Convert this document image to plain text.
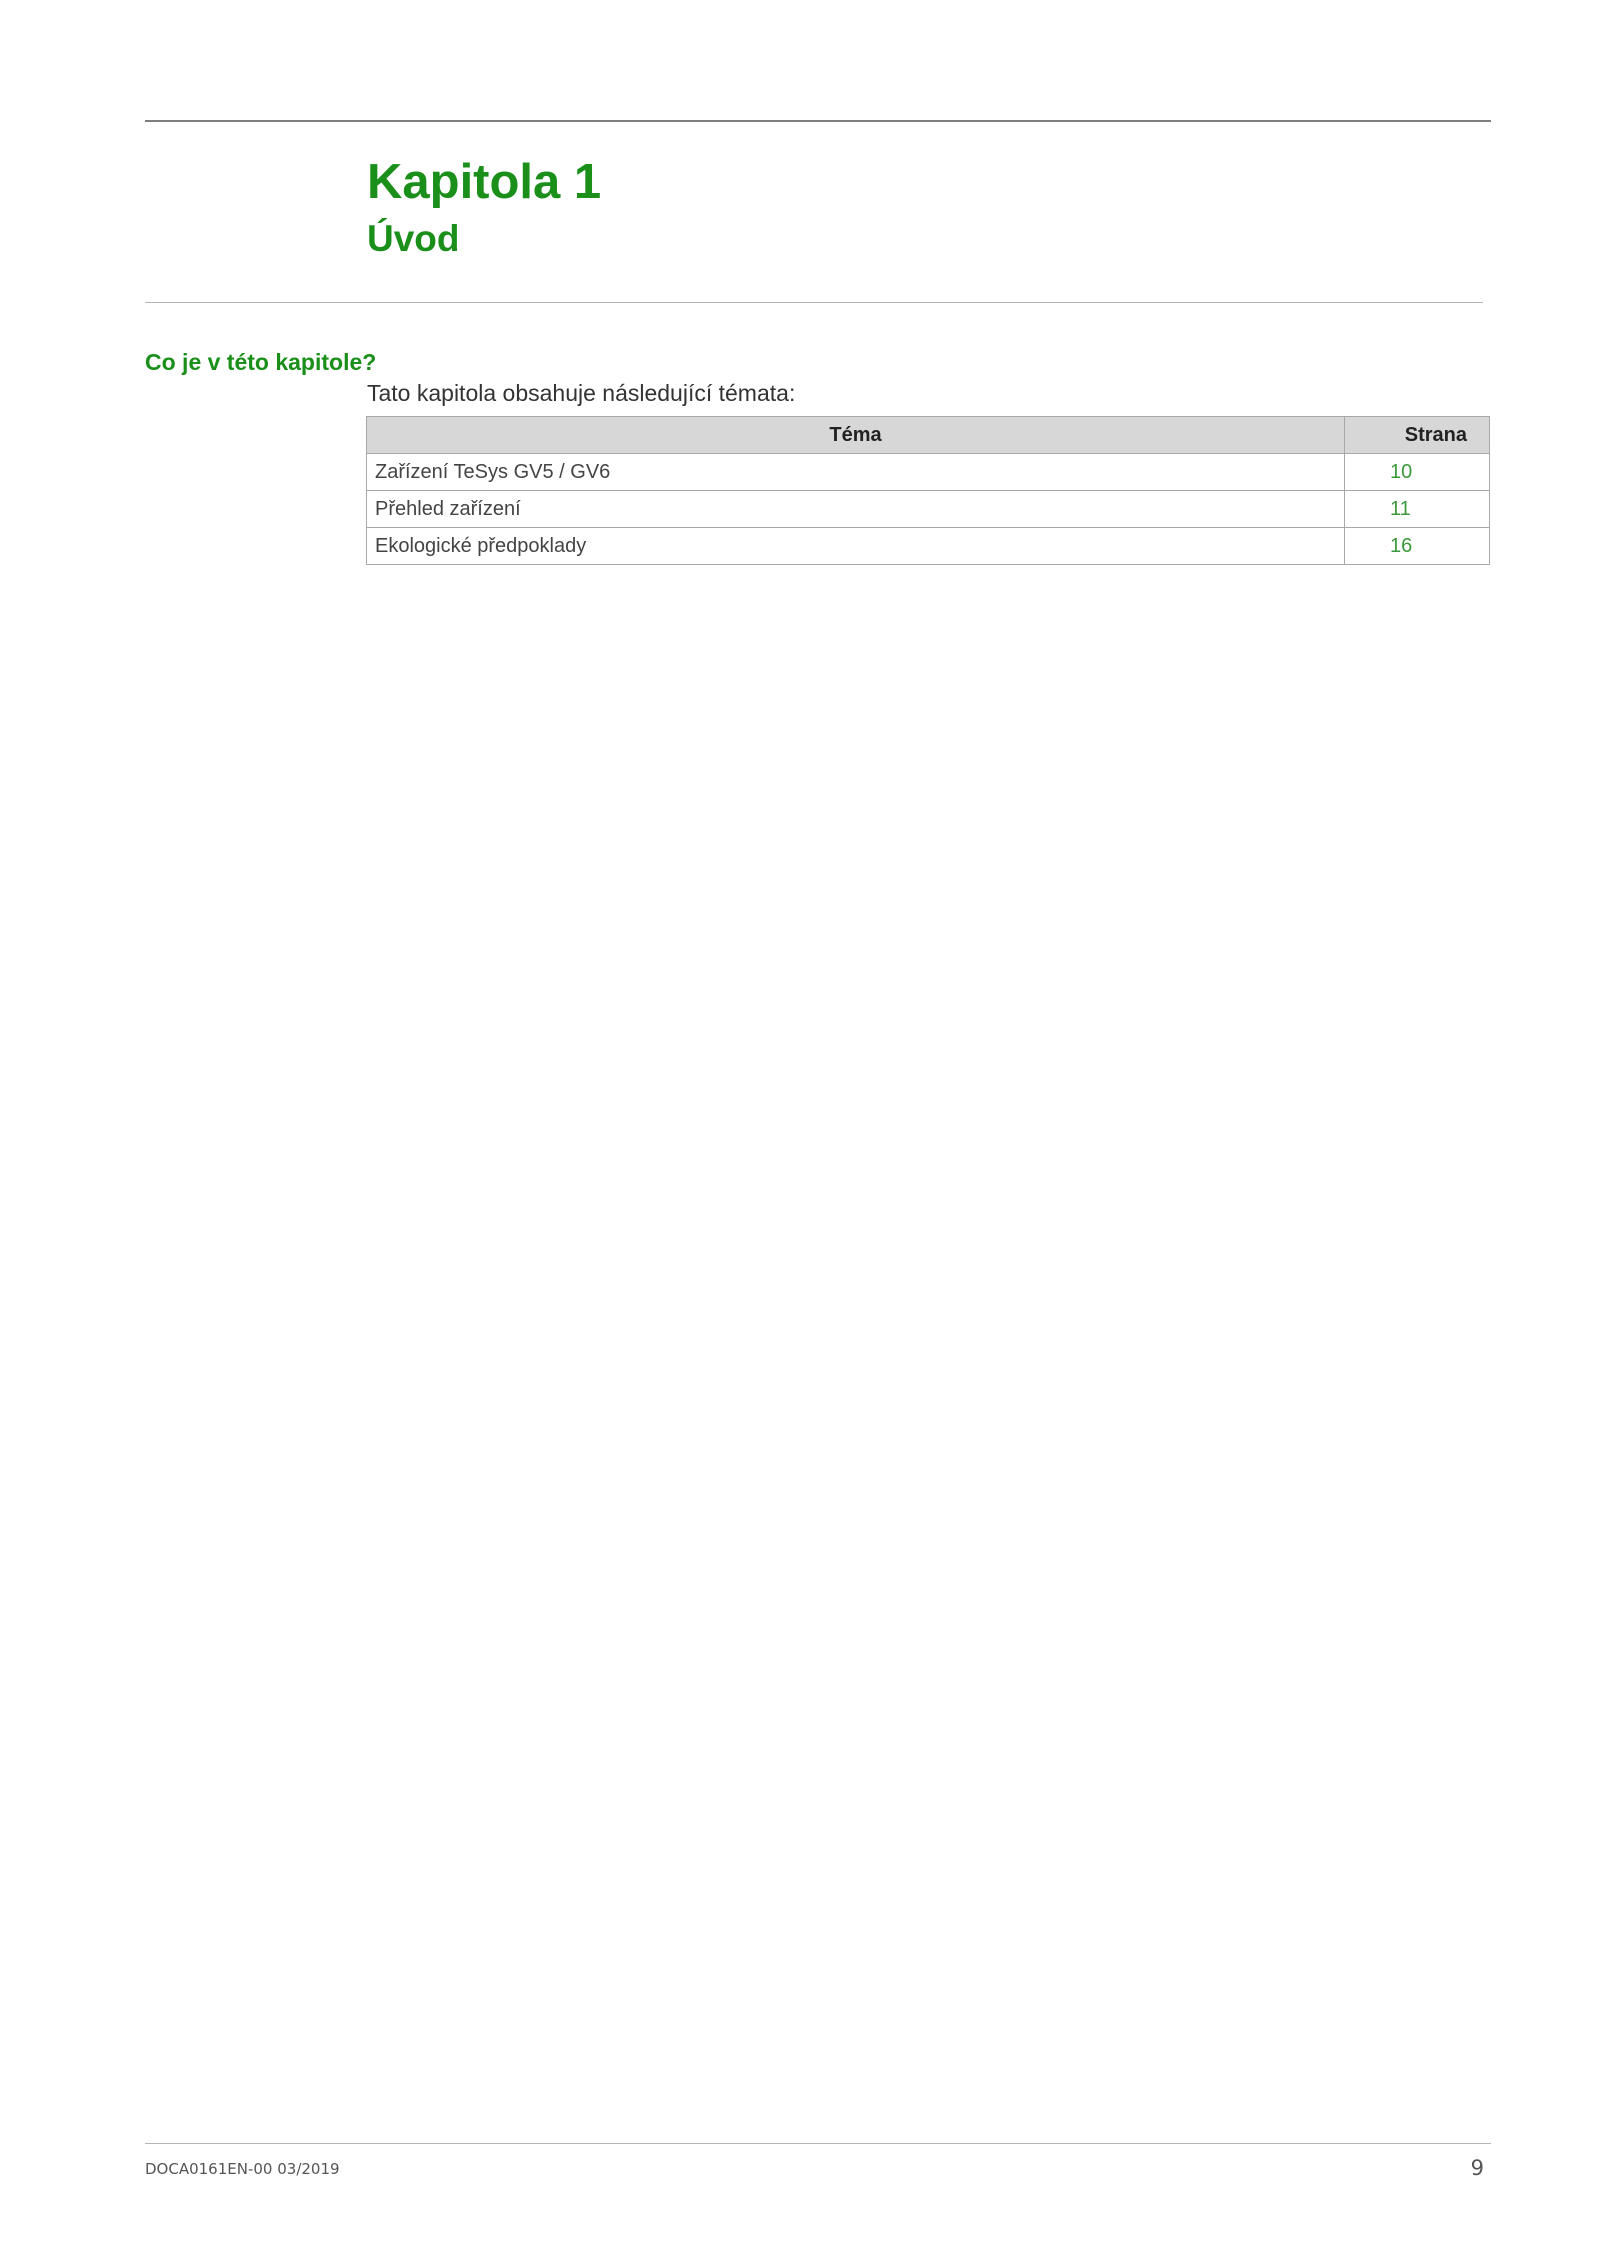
Kapitola 1
Úvod
Co je v této kapitole?

Tato kapitola obsahuje následující témata:

Téma	Strana
Zařízení TeSys GV5 / GV6	10
Přehled zařízení	11
Ekologické předpoklady	16

DOCA0161EN-00 03/2019	9
